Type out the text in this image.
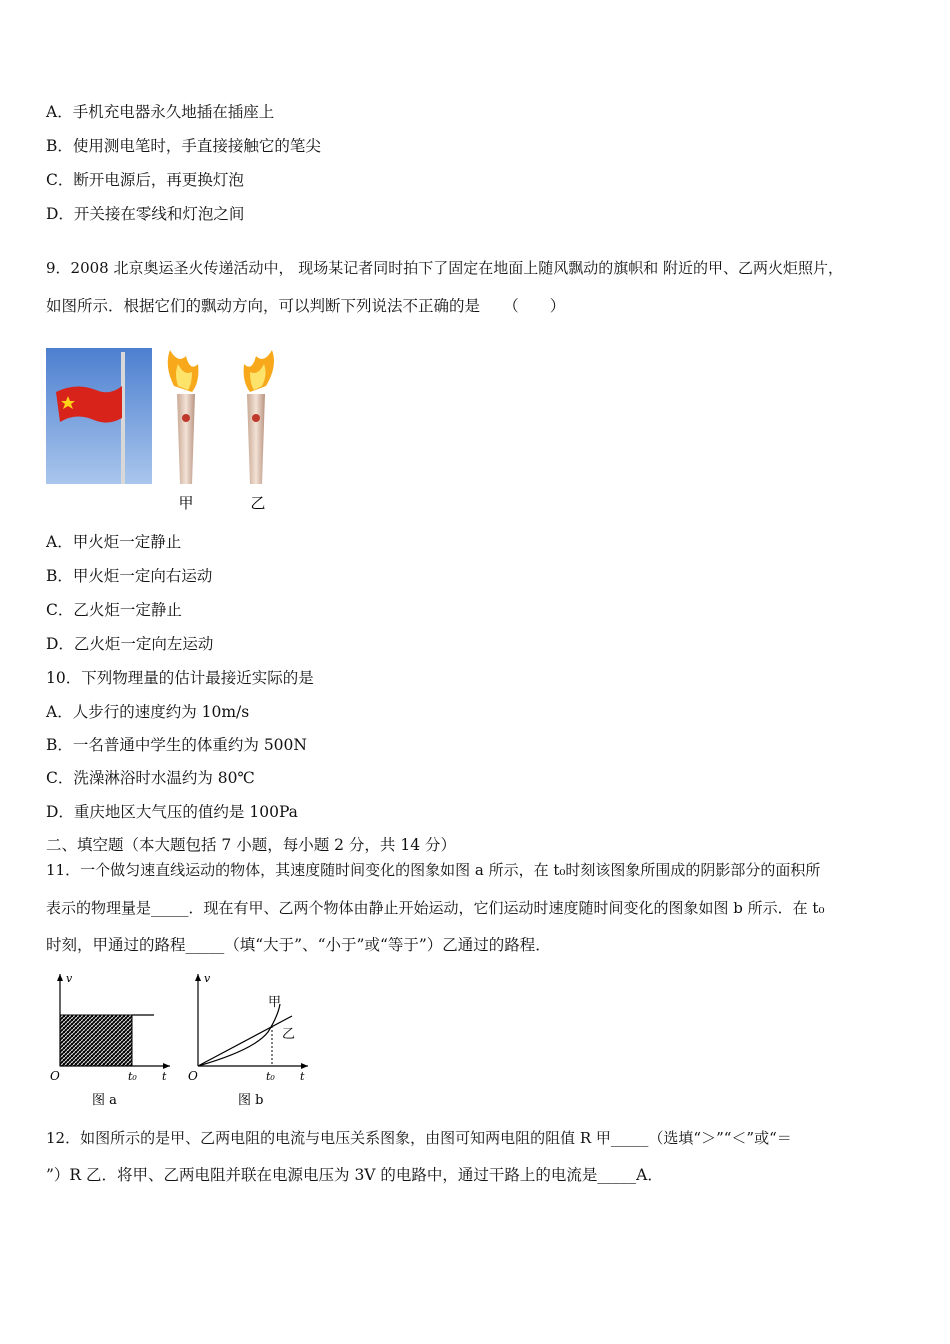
A．手机充电器永久地插在插座上
B．使用测电笔时，手直接接触它的笔尖
C．断开电源后，再更换灯泡
D．开关接在零线和灯泡之间
9．2008 北京奥运圣火传递活动中， 现场某记者同时拍下了固定在地面上随风飘动的旗帜和 附近的甲、乙两火炬照片，
如图所示．根据它们的飘动方向，可以判断下列说法不正确的是　　（　　）
甲	乙
A．甲火炬一定静止
B．甲火炬一定向右运动
C．乙火炬一定静止
D．乙火炬一定向左运动
10．下列物理量的估计最接近实际的是
A．人步行的速度约为 10m/s
B．一名普通中学生的体重约为 500N
C．洗澡淋浴时水温约为 80℃
D．重庆地区大气压的值约是 100Pa
二、填空题（本大题包括 7 小题，每小题 2 分，共 14 分）
11．一个做匀速直线运动的物体，其速度随时间变化的图象如图 a 所示，在 t₀时刻该图象所围成的阴影部分的面积所
表示的物理量是_____．现在有甲、乙两个物体由静止开始运动，它们运动时速度随时间变化的图象如图 b 所示．在 t₀
时刻，甲通过的路程_____（填“大于”、“小于”或“等于”）乙通过的路程．
v
O	t₀ t
图 a
v
O	t₀ t
甲
乙
图 b
12．如图所示的是甲、乙两电阻的电流与电压关系图象，由图可知两电阻的阻值 R 甲_____（选填“＞”“＜”或“＝
”）R 乙．将甲、乙两电阻并联在电源电压为 3V 的电路中，通过干路上的电流是_____A．
